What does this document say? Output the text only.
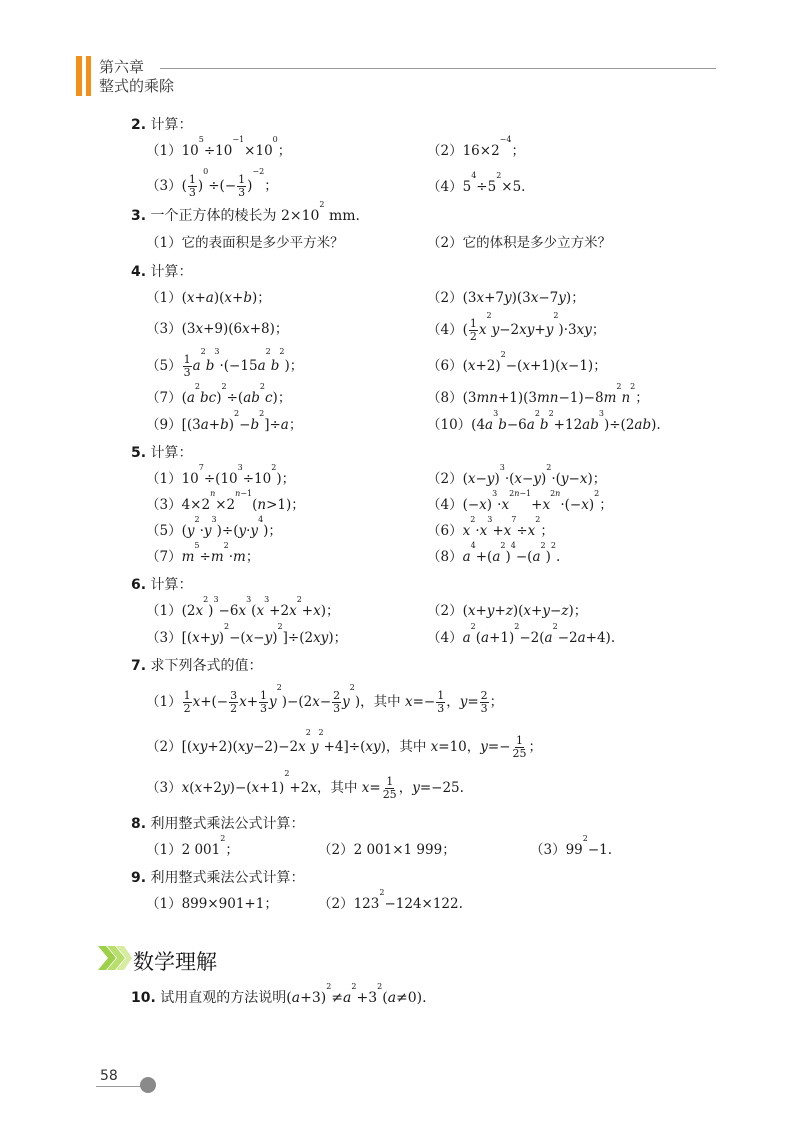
第六章
整式的乘除
2. 计算：
$(1)10^5\div 10^{-1}\times 10^0$；	$(2)16\times 2^{-4}$；
$(3)( \frac{1}{3} )^0\div(- \frac{1}{3} )^{-2}$；	$(4)5^4\div 5^2\times 5$.
3. 一个正方体的棱长为 $2\times 10^2$ mm.
（1）它的表面积是多少平方米？	（2）它的体积是多少立方米？
4. 计算：
（1）(x+a)(x+b)；	（2）(3x+7y)(3x−7y)；
（3）(3x+9)(6x+8)；	$(4)( \frac{1}{2} x^2y-2xy+y^2)\cdot 3xy$；
$(5) \frac{1}{3} a^2b^3\cdot(-15a^2b^2)$；	$(6)(x+2)^2-(x+1)(x-1)$；
$(7)(a^2bc)^2\div(ab^2c)$；	$(8)(3mn+1)(3mn-1)-8m^2n^2$；
$(9)[(3a+b)^2-b^2]\div a$；	$(10)(4a^3b-6a^2b^2+12ab^3)\div(2ab)$.
5. 计算：
$(1)10^7\div(10^3\div 10^2)$；	$(2)(x-y)^3\cdot(x-y)^2\cdot(y-x)$；
$(3)4\times 2^n\times 2^{n-1}(n>1)$；	$(4)(-x)^3\cdot x^{2n-1}+x^{2n}\cdot(-x)^2$；
$(5)(y^2\cdot y^3)\div(y\cdot y^4)$；	$(6)x^2\cdot x^3+x^7\div x^2$；
$(7)m^5\div m^2\cdot m$；	$(8)a^4+(a^2)^4-(a^2)^2$.
6. 计算：
$(1)(2x^2)^3-6x^3(x^3+2x^2+x)$；	（2）(x+y+z)(x+y−z)；
$(3)[(x+y)^2-(x-y)^2]\div(2xy)$；	$(4)a^2(a+1)^2-2(a^2-2a+4)$.
7. 求下列各式的值：
$(1) \frac{1}{2} x+(- \frac{3}{2} x+ \frac{1}{3} y^2)-(2x- \frac{2}{3} y^2)$，其中 $x=- \frac{1}{3}$ ，$y= \frac{2}{3}$ ；
$(2)[(xy+2)(xy-2)-2x^2y^2+4]\div(xy)$，其中 x=10，$y=- \frac{1}{25}$ ；
$(3)x(x+2y)-(x+1)^2+2x$，其中 $x= \frac{1}{25}$ ，y=−25.
8. 利用整式乘法公式计算：
（1）2 $001^2$；	（2）2 001×1 999；	$(3)99^2-1$.
9. 利用整式乘法公式计算：
（1）899×901+1；	$(2)123^2-124\times 122$.
数学理解
10. 试用直观的方法说明$(a+3)^2\ne a^2+3^2(a\ne 0)$.
58
